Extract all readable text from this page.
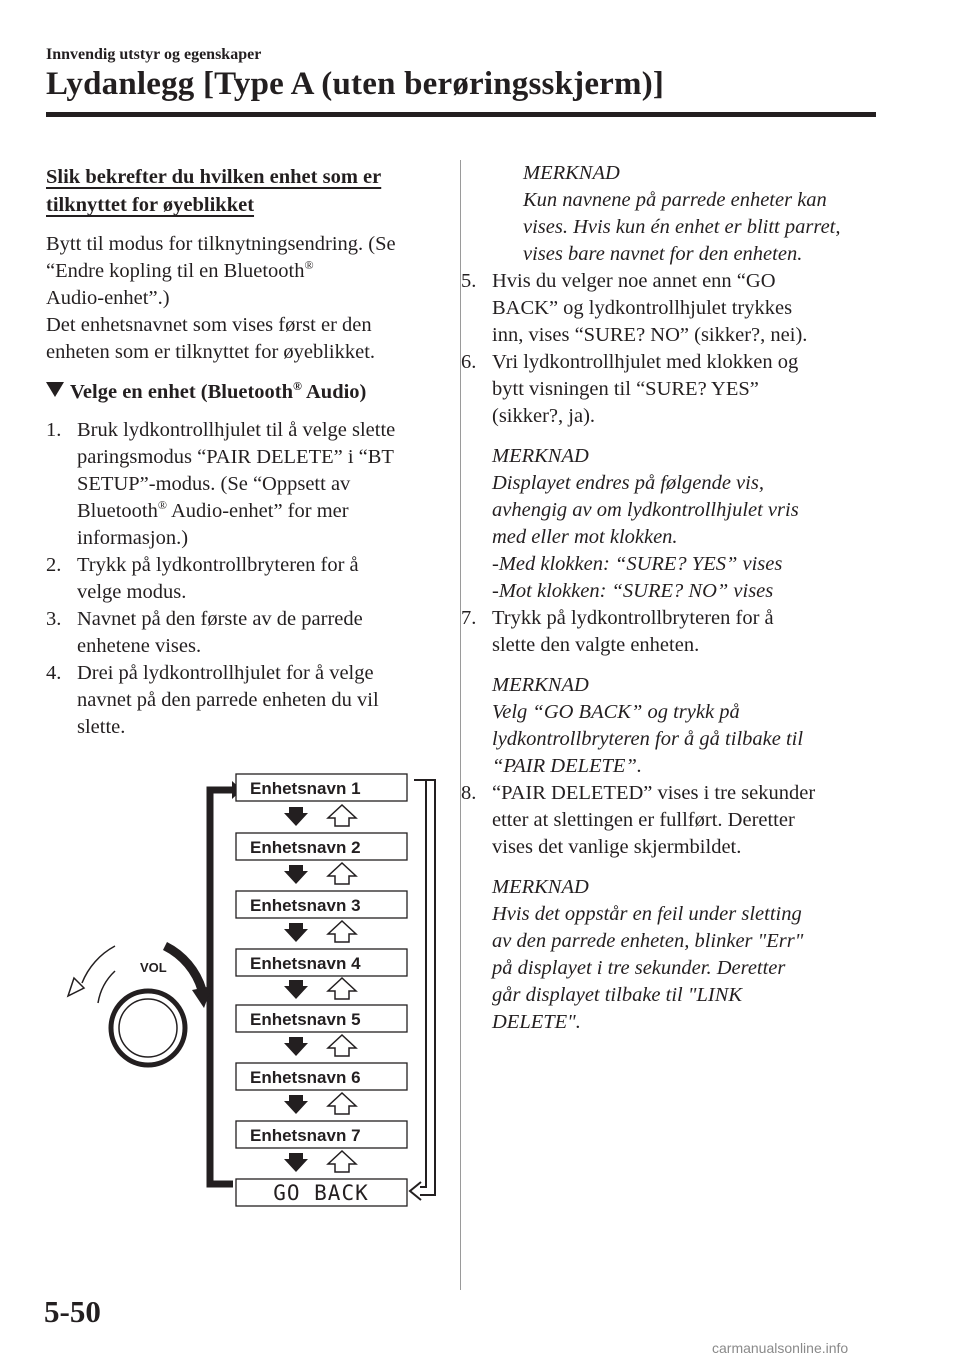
Innvendig utstyr og egenskaper
Lydanlegg [Type A (uten berøringsskjerm)]

Slik bekrefter du hvilken enhet som er
tilknyttet for øyeblikket

Bytt til modus for tilknytningsendring. (Se
“Endre kopling til en Bluetooth®
Audio-enhet”.)

Det enhetsnavnet som vises først er den
enheten som er tilknyttet for øyeblikket.

Velge en enhet (Bluetooth® Audio)
1. Bruk lydkontrollhjulet til å velge slette
paringsmodus “PAIR DELETE” i “BT
SETUP”-modus. (Se “Oppsett av
Bluetooth® Audio-enhet” for mer
informasjon.)
2. Trykk på lydkontrollbryteren for å
velge modus.
3. Navnet på den første av de parrede
enhetene vises.
4. Drei på lydkontrollhjulet for å velge
navnet på den parrede enheten du vil
slette.
Enhetsnavn 1
Enhetsnavn 2
Enhetsnavn 3
Enhetsnavn 4
Enhetsnavn 5
Enhetsnavn 6
Enhetsnavn 7
GO BACK
VOL
MERKNAD
Kun navnene på parrede enheter kan
vises. Hvis kun én enhet er blitt parret,
vises bare navnet for den enheten.
5. Hvis du velger noe annet enn “GO
BACK” og lydkontrollhjulet trykkes
inn, vises “SURE? NO” (sikker?, nei).
6. Vri lydkontrollhjulet med klokken og
bytt visningen til “SURE? YES”
(sikker?, ja).
MERKNAD
Displayet endres på følgende vis,
avhengig av om lydkontrollhjulet vris
med eller mot klokken.
-Med klokken: “SURE? YES” vises
-Mot klokken: “SURE? NO” vises
7. Trykk på lydkontrollbryteren for å
slette den valgte enheten.
MERKNAD
Velg “GO BACK” og trykk på
lydkontrollbryteren for å gå tilbake til
“PAIR DELETE”.
8. “PAIR DELETED” vises i tre sekunder
etter at slettingen er fullført. Deretter
vises det vanlige skjermbildet.
MERKNAD
Hvis det oppstår en feil under sletting
av den parrede enheten, blinker "Err"
på displayet i tre sekunder. Deretter
går displayet tilbake til "LINK
DELETE".
5-50
carmanualsonline.info
